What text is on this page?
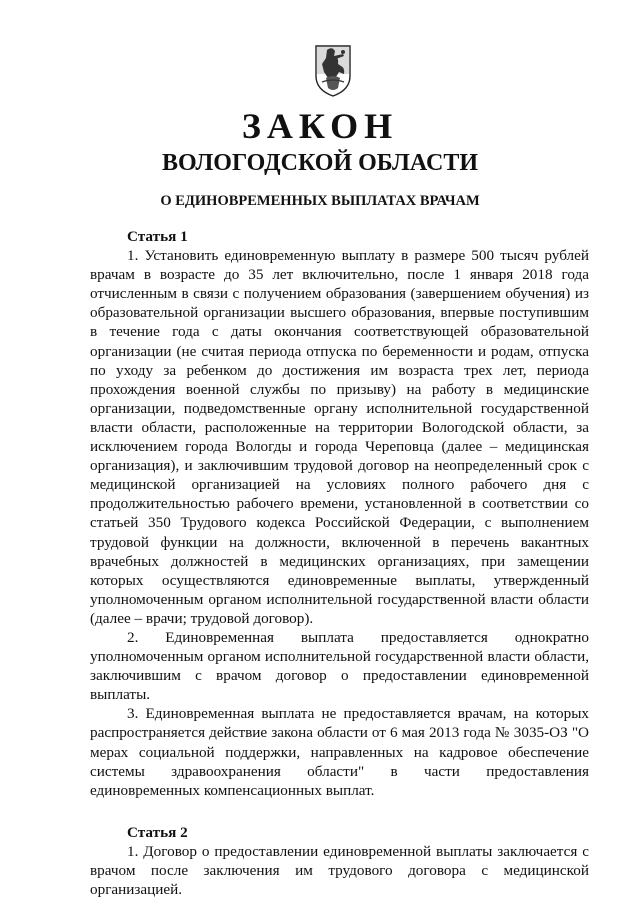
ЗАКОН
ВОЛОГОДСКОЙ ОБЛАСТИ
О ЕДИНОВРЕМЕННЫХ ВЫПЛАТАХ ВРАЧАМ

Статья 1

1. Установить единовременную выплату в размере 500 тысяч рублей врачам в возрасте до 35 лет включительно, после 1 января 2018 года отчисленным в связи с получением образования (завершением обучения) из образовательной организации высшего образования, впервые поступившим в течение года с даты окончания соответствующей образовательной организации (не считая периода отпуска по беременности и родам, отпуска по уходу за ребенком до достижения им возраста трех лет, периода прохождения военной службы по призыву) на работу в медицинские организации, подведомственные органу исполнительной государственной власти области, расположенные на территории Вологодской области, за исключением города Вологды и города Череповца (далее – медицинская организация), и заключившим трудовой договор на неопределенный срок с медицинской организацией на условиях полного рабочего дня с продолжительностью рабочего времени, установленной в соответствии со статьей 350 Трудового кодекса Российской Федерации, с выполнением трудовой функции на должности, включенной в перечень вакантных врачебных должностей в медицинских организациях, при замещении которых осуществляются единовременные выплаты, утвержденный уполномоченным органом исполнительной государственной власти области (далее – врачи; трудовой договор).

2. Единовременная выплата предоставляется однократно уполномоченным органом исполнительной государственной власти области, заключившим с врачом договор о предоставлении единовременной выплаты.

3. Единовременная выплата не предоставляется врачам, на которых распространяется действие закона области от 6 мая 2013 года № 3035-ОЗ "О мерах социальной поддержки, направленных на кадровое обеспечение системы здравоохранения области" в части предоставления единовременных компенсационных выплат.

Статья 2

1. Договор о предоставлении единовременной выплаты заключается с врачом после заключения им трудового договора с медицинской организацией.
